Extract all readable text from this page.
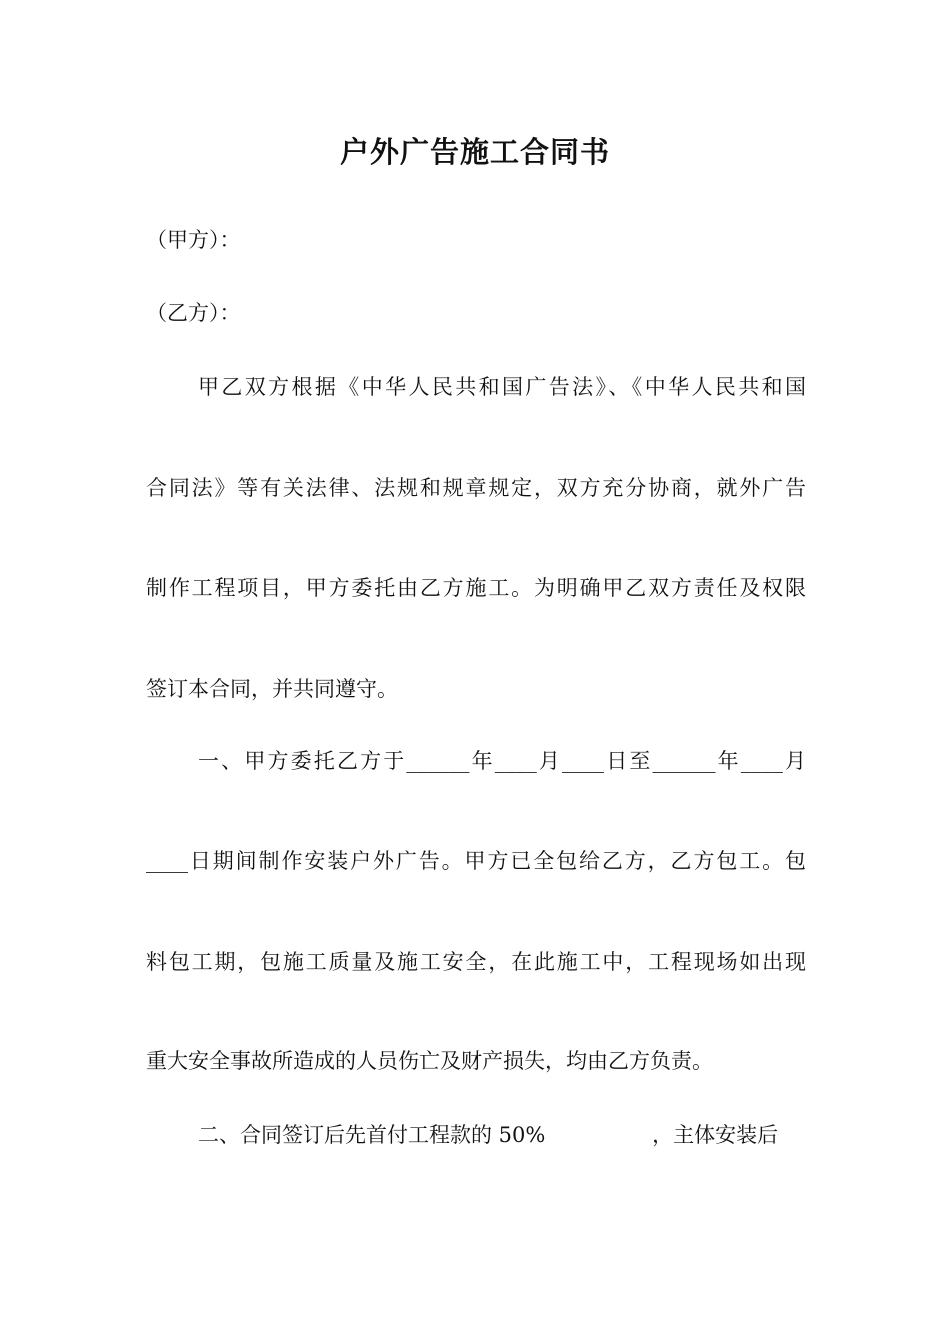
户外广告施工合同书

（甲方）：

（乙方）：

甲乙双方根据《中华人民共和国广告法》、《中华人民共和国

合同法》等有关法律、法规和规章规定，双方充分协商，就外广告

制作工程项目，甲方委托由乙方施工。为明确甲乙双方责任及权限

签订本合同，并共同遵守。

一、甲方委托乙方于______年____月____日至______年____月

____日期间制作安装户外广告。甲方已全包给乙方，乙方包工。包

料包工期，包施工质量及施工安全，在此施工中，工程现场如出现

重大安全事故所造成的人员伤亡及财产损失，均由乙方负责。

二、合同签订后先首付工程款的 50%                ，主体安装后
